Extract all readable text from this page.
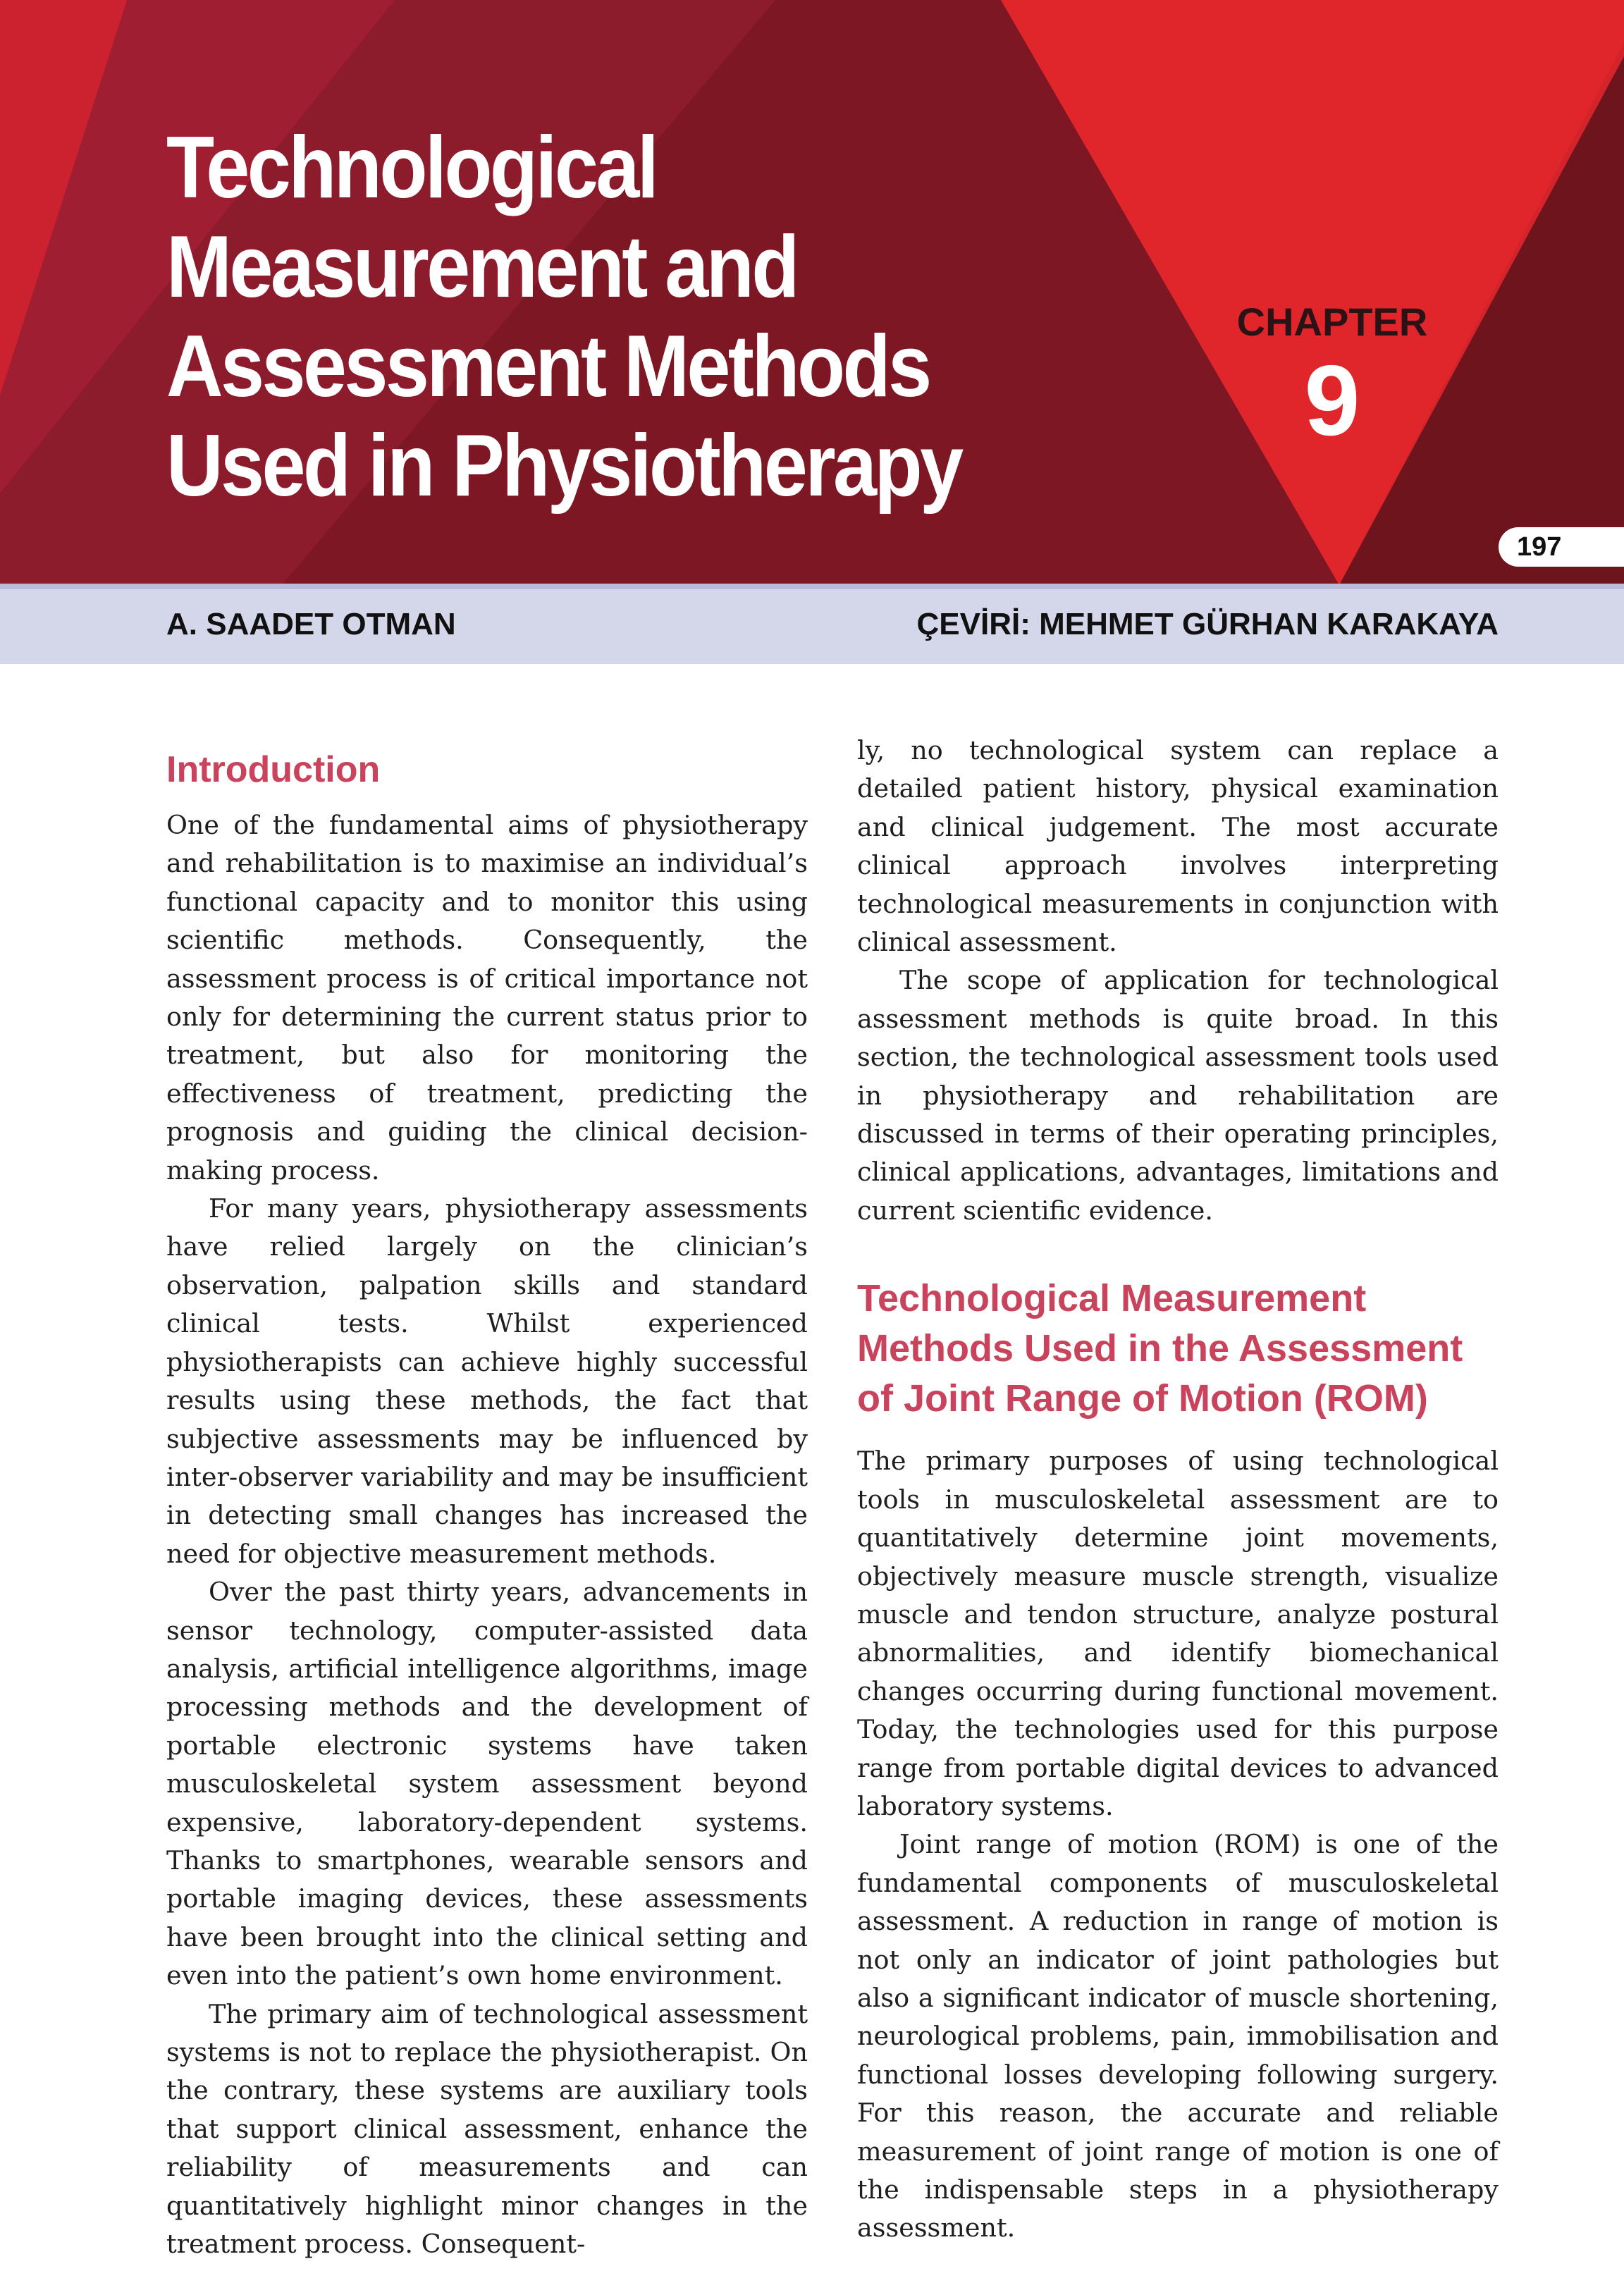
Technological
Measurement and
Assessment Methods
Used in Physiotherapy
CHAPTER
9
197
A. SAADET OTMAN	ÇEVİRİ: MEHMET GÜRHAN KARAKAYA
Introduction

One of the fundamental aims of physiotherapy and rehabilitation is to maximise an individual’s functional capacity and to monitor this using scientific methods. Consequently, the assessment process is of critical importance not only for determining the current status prior to treatment, but also for monitoring the effectiveness of treatment, predicting the prognosis and guiding the clinical decision-making process.

For many years, physiotherapy assessments have relied largely on the clinician’s observation, palpation skills and standard clinical tests. Whilst experienced physiotherapists can achieve highly successful results using these methods, the fact that subjective assessments may be influenced by inter-observer variability and may be insufficient in detecting small changes has increased the need for objective measurement methods.

Over the past thirty years, advancements in sensor technology, computer-assisted data analysis, artificial intelligence algorithms, image processing methods and the development of portable electronic systems have taken musculoskeletal system assessment beyond expensive, laboratory-dependent systems. Thanks to smartphones, wearable sensors and portable imaging devices, these assessments have been brought into the clinical setting and even into the patient’s own home environment.

The primary aim of technological assessment systems is not to replace the physiotherapist. On the contrary, these systems are auxiliary tools that support clinical assessment, enhance the reliability of measurements and can quantitatively highlight minor changes in the treatment process. Consequent-

ly, no technological system can replace a detailed patient history, physical examination and clinical judgement. The most accurate clinical approach involves interpreting technological measurements in conjunction with clinical assessment.

The scope of application for technological assessment methods is quite broad. In this section, the technological assessment tools used in physiotherapy and rehabilitation are discussed in terms of their operating principles, clinical applications, advantages, limitations and current scientific evidence.

Technological Measurement Methods Used in the Assessment of Joint Range of Motion (ROM)

The primary purposes of using technological tools in musculoskeletal assessment are to quantitatively determine joint movements, objectively measure muscle strength, visualize muscle and tendon structure, analyze postural abnormalities, and identify biomechanical changes occurring during functional movement. Today, the technologies used for this purpose range from portable digital devices to advanced laboratory systems.

Joint range of motion (ROM) is one of the fundamental components of musculoskeletal assessment. A reduction in range of motion is not only an indicator of joint pathologies but also a significant indicator of muscle shortening, neurological problems, pain, immobilisation and functional losses developing following surgery. For this reason, the accurate and reliable measurement of joint range of motion is one of the indispensable steps in a physiotherapy assessment.
